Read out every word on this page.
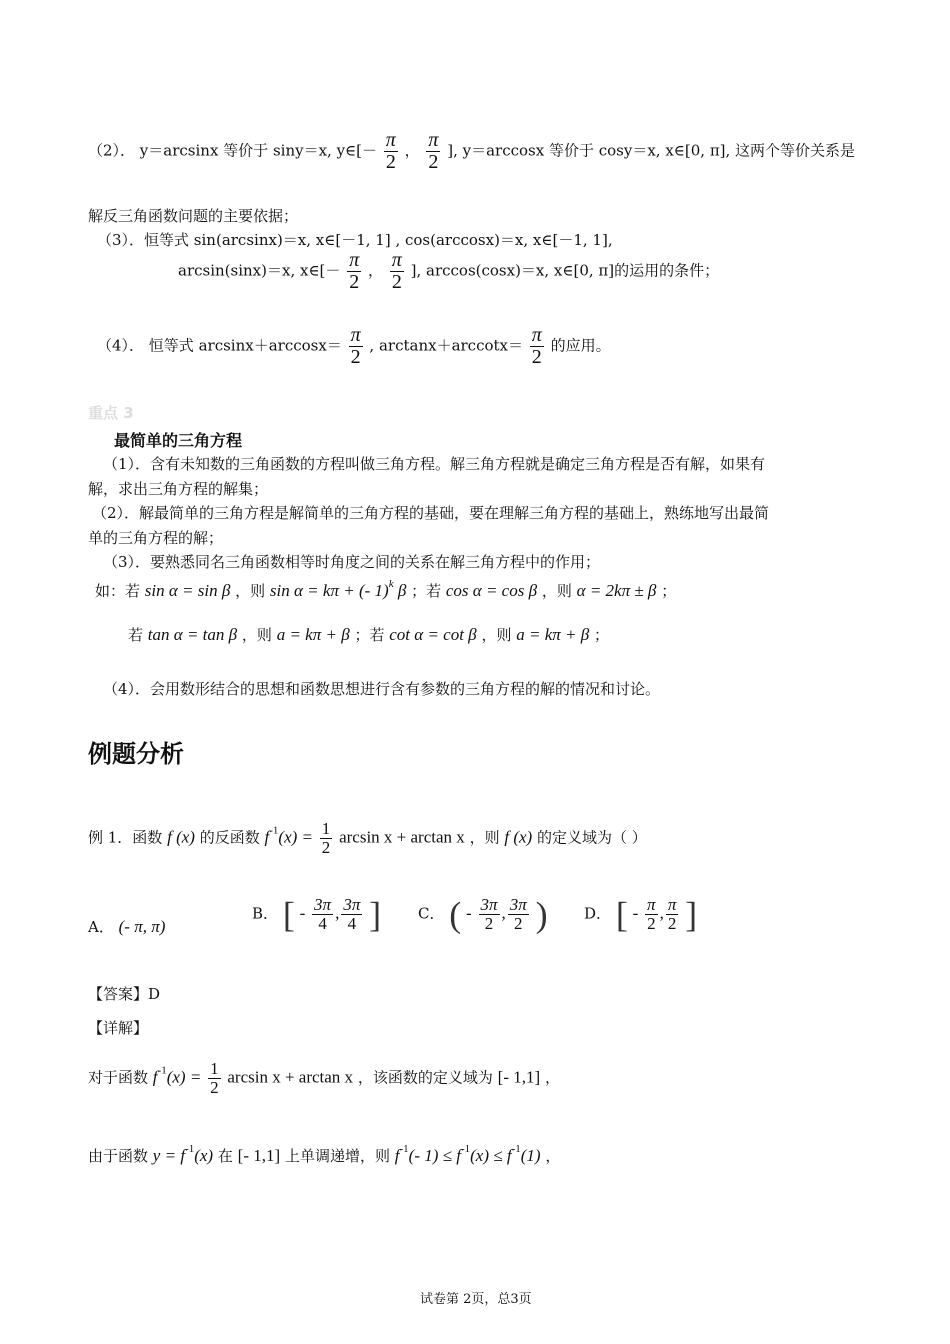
（2）． y＝arcsinx 等价于 siny＝x, y∈[－ $\frac{\pi}{2}$ ， $\frac{\pi}{2}$ ], y＝arccosx 等价于 cosy＝x, x∈[0, π], 这两个等价关系是
解反三角函数问题的主要依据；
（3）．恒等式 sin(arcsinx)＝x, x∈[－1, 1] , cos(arccosx)＝x, x∈[－1, 1],
arcsin(sinx)＝x, x∈[－ $\frac{\pi}{2}$ ， $\frac{\pi}{2}$ ], arccos(cosx)＝x, x∈[0, π]的运用的条件；
（4）． 恒等式 $\arcsin x+\arccos x= \frac{\pi}{2}$ , $\arctan x+arccotx= \frac{\pi}{2}$ 的应用。
重点 3
最简单的三角方程
（1）．含有未知数的三角函数的方程叫做三角方程。解三角方程就是确定三角方程是否有解，如果有
解，求出三角方程的解集；
（2）．解最简单的三角方程是解简单的三角方程的基础，要在理解三角方程的基础上，熟练地写出最简
单的三角方程的解；
（3）．要熟悉同名三角函数相等时角度之间的关系在解三角方程中的作用；
如：若 sin α = sin β ，则 sin α = kπ + (- 1)$^k$ β ；若 cos α = cos β ，则 α = 2kπ ± β ；
若 tan α = tan β ，则 a = kπ + β ；若 cot α = cot β ，则 a = kπ + β ；
（4）．会用数形结合的思想和函数思想进行含有参数的三角方程的解的情况和讨论。
例题分析
例 1．函数 f (x) 的反函数 $f^{-1}(x) = \frac{1}{2}$ arcsin x + arctan x ，则 f (x) 的定义域为（ ）
A． (- π, π)
B． [ - $\frac{3\pi}{4}$ , $\frac{3\pi}{4}$ ] C． ( - $\frac{3\pi}{2}$ , $\frac{3\pi}{2}$ ) D． [ - $\frac{\pi}{2}$ , $\frac{\pi}{2}$ ]
【答案】D
【详解】
对于函数 $f^{-1}(x) = \frac{1}{2}$ arcsin x + arctan x ，该函数的定义域为 [- 1,1] ，
由于函数 $y = f^{-1}(x)$ 在 [- 1,1] 上单调递增，则 $f^{-1}(-$ $1) \le f^{-1}(x) \le f^{-1}(1)$ ，
试卷第 2页，总3页
